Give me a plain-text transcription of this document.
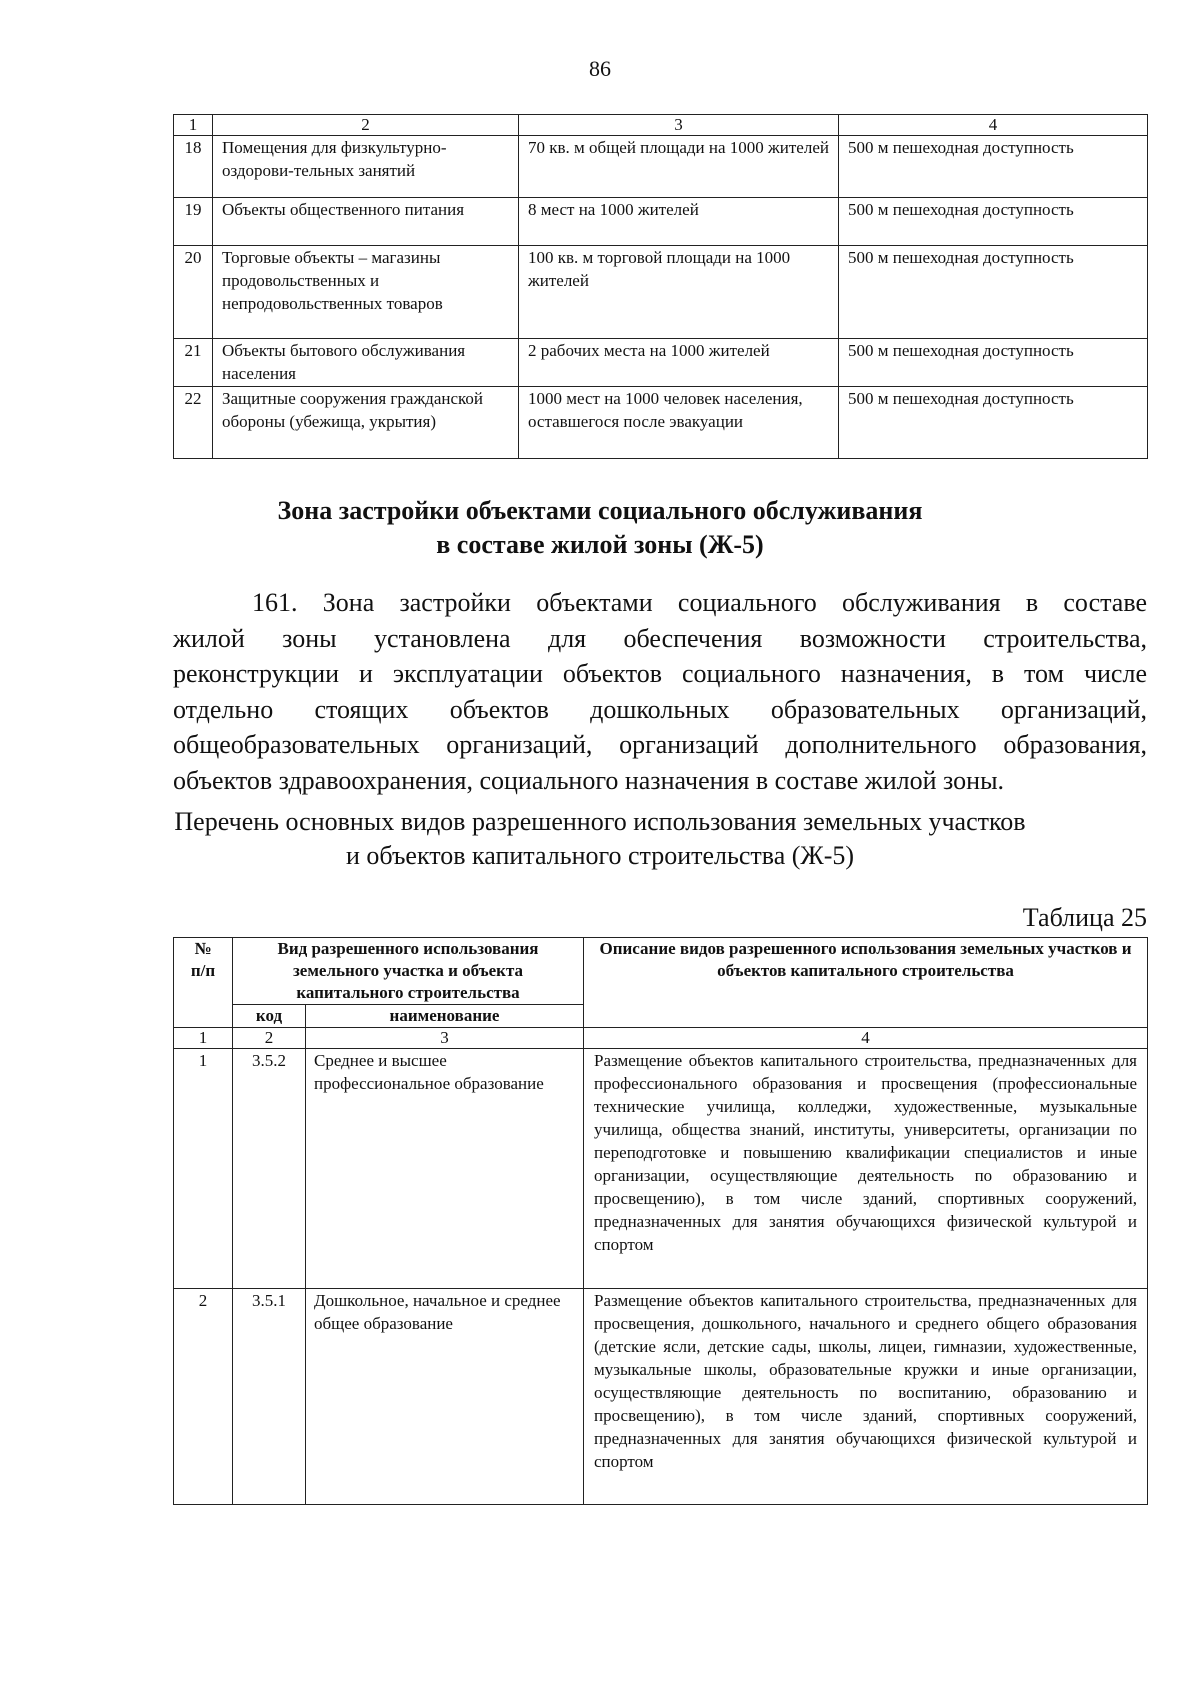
86
1	2	3	4
18	Помещения для физкультурно-оздорови-тельных занятий	70 кв. м общей площади на 1000 жителей	500 м пешеходная доступность
19	Объекты общественного питания	8 мест на 1000 жителей	500 м пешеходная доступность
20	Торговые объекты – магазины продовольственных и непродовольственных товаров	100 кв. м торговой площади на 1000 жителей	500 м пешеходная доступность
21	Объекты бытового обслуживания населения	2 рабочих места на 1000 жителей	500 м пешеходная доступность
22	Защитные сооружения гражданской обороны (убежища, укрытия)	1000 мест на 1000 человек населения, оставшегося после эвакуации	500 м пешеходная доступность
Зона застройки объектами социального обслуживания
в составе жилой зоны (Ж-5)
161. Зона застройки объектами социального обслуживания в составе
жилой зоны установлена для обеспечения возможности строительства,
реконструкции и эксплуатации объектов социального назначения, в том числе
отдельно стоящих объектов дошкольных образовательных организаций,
общеобразовательных организаций, организаций дополнительного образования,
объектов здравоохранения, социального назначения в составе жилой зоны.
Перечень основных видов разрешенного использования земельных участков
и объектов капитального строительства (Ж-5)
Таблица 25
№ п/п	Вид разрешенного использования земельного участка и объекта капитального строительства		Описание видов разрешенного использования земельных участков и объектов капитального строительства
	код	наименование	
1	2	3	4
1	3.5.2	Среднее и высшее профессиональное образование	Размещение объектов капитального строительства, предназначенных для профессионального образования и просвещения (профессиональные технические училища, колледжи, художественные, музыкальные училища, общества знаний, институты, университеты, организации по переподготовке и повышению квалификации специалистов и иные организации, осуществляющие деятельность по образованию и просвещению), в том числе зданий, спортивных сооружений, предназначенных для занятия обучающихся физической культурой и спортом
2	3.5.1	Дошкольное, начальное и среднее общее образование	Размещение объектов капитального строительства, предназначенных для просвещения, дошкольного, начального и среднего общего образования (детские ясли, детские сады, школы, лицеи, гимназии, художественные, музыкальные школы, образовательные кружки и иные организации, осуществляющие деятельность по воспитанию, образованию и просвещению), в том числе зданий, спортивных сооружений, предназначенных для занятия обучающихся физической культурой и спортом
